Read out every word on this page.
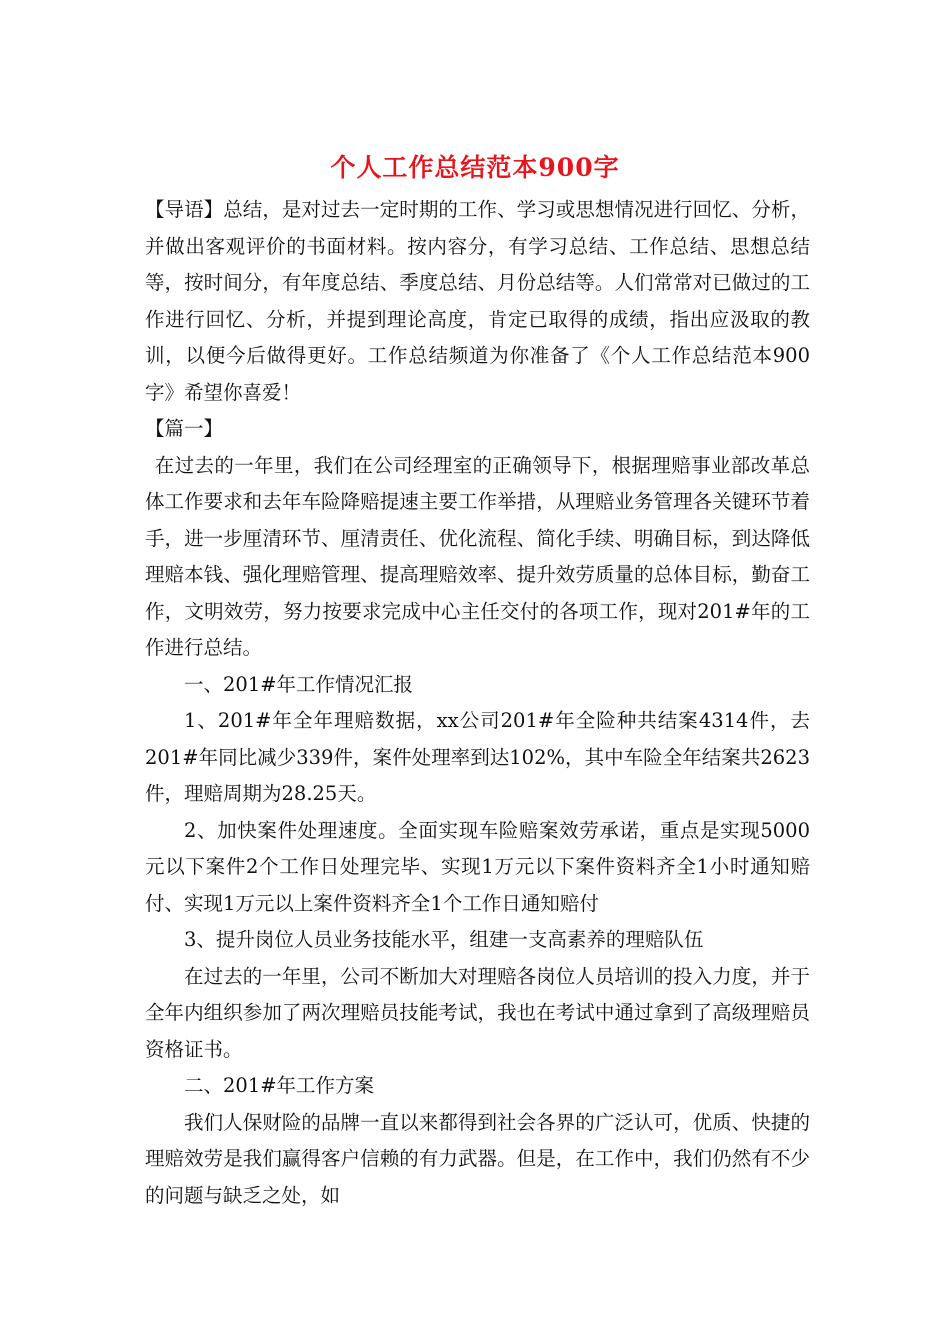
个人工作总结范本900字

【导语】总结，是对过去一定时期的工作、学习或思想情况进行回忆、分析，并做出客观评价的书面材料。按内容分，有学习总结、工作总结、思想总结等，按时间分，有年度总结、季度总结、月份总结等。人们常常对已做过的工作进行回忆、分析，并提到理论高度，肯定已取得的成绩，指出应汲取的教训，以便今后做得更好。工作总结频道为你准备了《个人工作总结范本900字》希望你喜爱！

【篇一】

在过去的一年里，我们在公司经理室的正确领导下，根据理赔事业部改革总体工作要求和去年车险降赔提速主要工作举措，从理赔业务管理各关键环节着手，进一步厘清环节、厘清责任、优化流程、简化手续、明确目标，到达降低理赔本钱、强化理赔管理、提高理赔效率、提升效劳质量的总体目标，勤奋工作，文明效劳，努力按要求完成中心主任交付的各项工作，现对201#年的工作进行总结。

一、201#年工作情况汇报

1、201#年全年理赔数据，xx公司201#年全险种共结案4314件，去201#年同比减少339件，案件处理率到达102%，其中车险全年结案共2623件，理赔周期为28.25天。

2、加快案件处理速度。全面实现车险赔案效劳承诺，重点是实现5000元以下案件2个工作日处理完毕、实现1万元以下案件资料齐全1小时通知赔付、实现1万元以上案件资料齐全1个工作日通知赔付

3、提升岗位人员业务技能水平，组建一支高素养的理赔队伍

在过去的一年里，公司不断加大对理赔各岗位人员培训的投入力度，并于全年内组织参加了两次理赔员技能考试，我也在考试中通过拿到了高级理赔员资格证书。

二、201#年工作方案

我们人保财险的品牌一直以来都得到社会各界的广泛认可，优质、快捷的理赔效劳是我们赢得客户信赖的有力武器。但是，在工作中，我们仍然有不少的问题与缺乏之处，如
